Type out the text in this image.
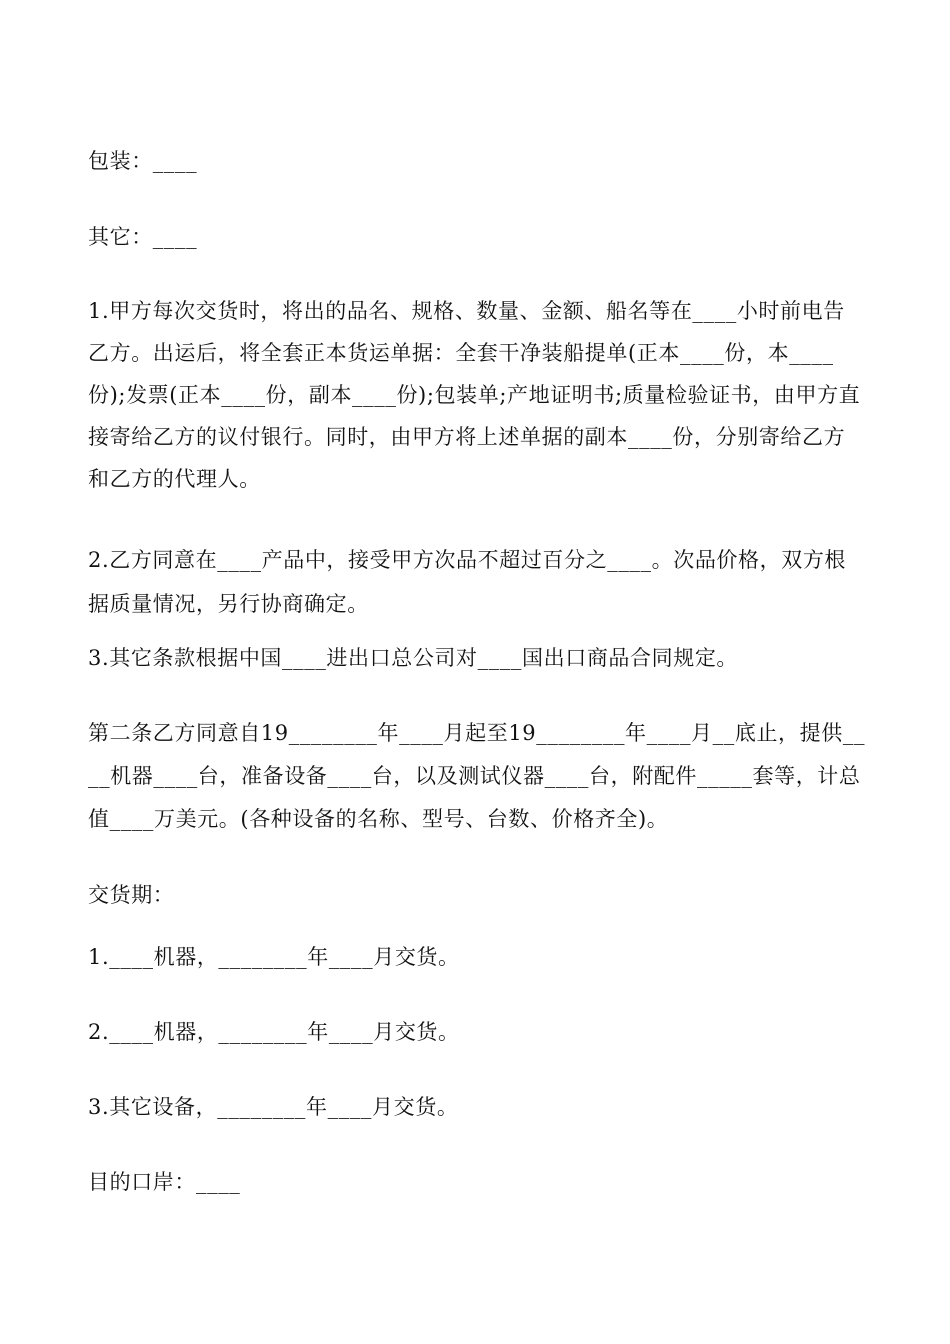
包装：____

其它：____

1.甲方每次交货时，将出的品名、规格、数量、金额、船名等在____小时前电告乙方。出运后，将全套正本货运单据：全套干净装船提单(正本____份，本____份);发票(正本____份，副本____份);包装单;产地证明书;质量检验证书，由甲方直接寄给乙方的议付银行。同时，由甲方将上述单据的副本____份，分别寄给乙方和乙方的代理人。

2.乙方同意在____产品中，接受甲方次品不超过百分之____。次品价格，双方根据质量情况，另行协商确定。

3.其它条款根据中国____进出口总公司对____国出口商品合同规定。

第二条乙方同意自19________年____月起至19________年____月__底止，提供____机器____台，准备设备____台，以及测试仪器____台，附配件_____套等，计总值____万美元。(各种设备的名称、型号、台数、价格齐全)。

交货期：

1.____机器，________年____月交货。

2.____机器，________年____月交货。

3.其它设备，________年____月交货。

目的口岸：____
